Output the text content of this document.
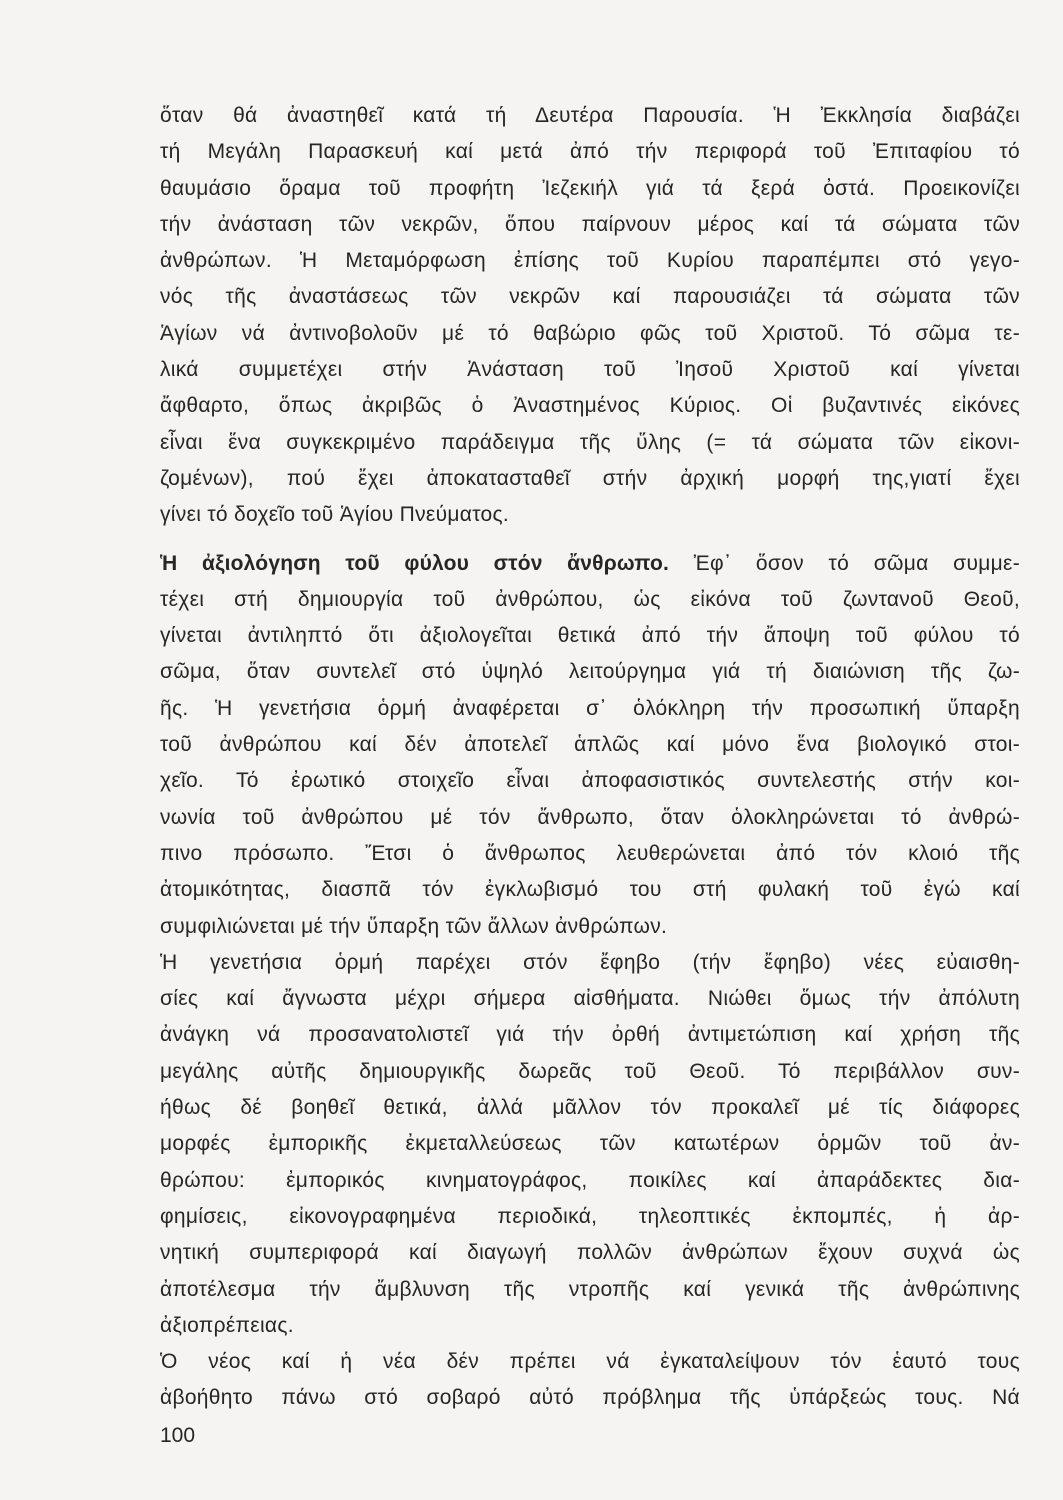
ὅταν θά ἀναστηθεῖ κατά τή Δευτέρα Παρουσία. Ἡ Ἐκκλησία διαβάζει
τή Μεγάλη Παρασκευή καί μετά ἀπό τήν περιφορά τοῦ Ἐπιταφίου τό
θαυμάσιο ὅραμα τοῦ προφήτη Ἰεζεκιήλ γιά τά ξερά ὀστά. Προεικονίζει
τήν ἀνάσταση τῶν νεκρῶν, ὅπου παίρνουν μέρος καί τά σώματα τῶν
ἀνθρώπων. Ἡ Μεταμόρφωση ἐπίσης τοῦ Κυρίου παραπέμπει στό γεγο-
νός τῆς ἀναστάσεως τῶν νεκρῶν καί παρουσιάζει τά σώματα τῶν
Ἁγίων νά ἀντινοβολοῦν μέ τό θαβώριο φῶς τοῦ Χριστοῦ. Τό σῶμα τε-
λικά συμμετέχει στήν Ἀνάσταση τοῦ Ἰησοῦ Χριστοῦ καί γίνεται
ἄφθαρτο, ὅπως ἀκριβῶς ὁ Ἀναστημένος Κύριος. Οἱ βυζαντινές εἰκόνες
εἶναι ἕνα συγκεκριμένο παράδειγμα τῆς ὕλης (= τά σώματα τῶν εἰκονι-
ζομένων), πού ἔχει ἀποκατασταθεῖ στήν ἀρχική μορφή της,γιατί ἔχει
γίνει τό δοχεῖο τοῦ Ἁγίου Πνεύματος.
Ἡ ἀξιολόγηση τοῦ φύλου στόν ἄνθρωπο. Ἐφ᾿ ὅσον τό σῶμα συμμε-
τέχει στή δημιουργία τοῦ ἀνθρώπου, ὡς εἰκόνα τοῦ ζωντανοῦ Θεοῦ,
γίνεται ἀντιληπτό ὅτι ἀξιολογεῖται θετικά ἀπό τήν ἄποψη τοῦ φύλου τό
σῶμα, ὅταν συντελεῖ στό ὑψηλό λειτούργημα γιά τή διαιώνιση τῆς ζω-
ῆς. Ἡ γενετήσια ὁρμή ἀναφέρεται σ᾿ ὁλόκληρη τήν προσωπική ὕπαρξη
τοῦ ἀνθρώπου καί δέν ἀποτελεῖ ἁπλῶς καί μόνο ἕνα βιολογικό στοι-
χεῖο. Τό ἐρωτικό στοιχεῖο εἶναι ἀποφασιστικός συντελεστής στήν κοι-
νωνία τοῦ ἀνθρώπου μέ τόν ἄνθρωπο, ὅταν ὁλοκληρώνεται τό ἀνθρώ-
πινο πρόσωπο. Ἔτσι ὁ ἄνθρωπος λευθερώνεται ἀπό τόν κλοιό τῆς
ἀτομικότητας, διασπᾶ τόν ἐγκλωβισμό του στή φυλακή τοῦ ἐγώ καί
συμφιλιώνεται μέ τήν ὕπαρξη τῶν ἄλλων ἀνθρώπων.
Ἡ γενετήσια ὁρμή παρέχει στόν ἔφηβο (τήν ἔφηβο) νέες εὐαισθη-
σίες καί ἄγνωστα μέχρι σήμερα αἰσθήματα. Νιώθει ὅμως τήν ἀπόλυτη
ἀνάγκη νά προσανατολιστεῖ γιά τήν ὀρθή ἀντιμετώπιση καί χρήση τῆς
μεγάλης αὐτῆς δημιουργικῆς δωρεᾶς τοῦ Θεοῦ. Τό περιβάλλον συν-
ήθως δέ βοηθεῖ θετικά, ἀλλά μᾶλλον τόν προκαλεῖ μέ τίς διάφορες
μορφές ἐμπορικῆς ἐκμεταλλεύσεως τῶν κατωτέρων ὁρμῶν τοῦ ἀν-
θρώπου: ἐμπορικός κινηματογράφος, ποικίλες καί ἀπαράδεκτες δια-
φημίσεις, εἰκονογραφημένα περιοδικά, τηλεοπτικές ἐκπομπές, ἡ ἀρ-
νητική συμπεριφορά καί διαγωγή πολλῶν ἀνθρώπων ἔχουν συχνά ὡς
ἀποτέλεσμα τήν ἄμβλυνση τῆς ντροπῆς καί γενικά τῆς ἀνθρώπινης
ἀξιοπρέπειας.
Ὁ νέος καί ἡ νέα δέν πρέπει νά ἐγκαταλείψουν τόν ἑαυτό τους
ἀβοήθητο πάνω στό σοβαρό αὐτό πρόβλημα τῆς ὑπάρξεώς τους. Νά
100
